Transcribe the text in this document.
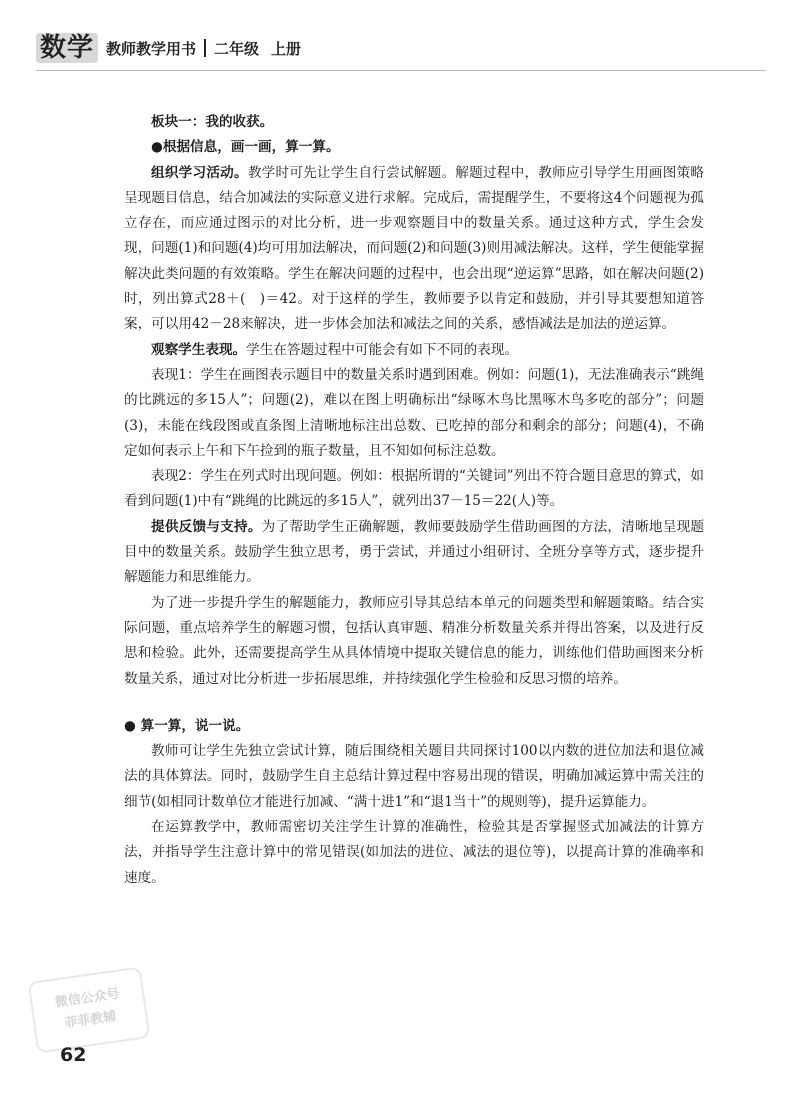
数学 教师教学用书 二年级 上册

板块一：我的收获。

●根据信息，画一画，算一算。

组织学习活动。教学时可先让学生自行尝试解题。解题过程中，教师应引导学生用画图策略呈现题目信息，结合加减法的实际意义进行求解。完成后，需提醒学生，不要将这4个问题视为孤立存在，而应通过图示的对比分析，进一步观察题目中的数量关系。通过这种方式，学生会发现，问题(1)和问题(4)均可用加法解决，而问题(2)和问题(3)则用减法解决。这样，学生便能掌握解决此类问题的有效策略。学生在解决问题的过程中，也会出现“逆运算”思路，如在解决问题(2)时，列出算式28＋(　)＝42。对于这样的学生，教师要予以肯定和鼓励，并引导其要想知道答案，可以用42－28来解决，进一步体会加法和减法之间的关系，感悟减法是加法的逆运算。

观察学生表现。学生在答题过程中可能会有如下不同的表现。

表现1：学生在画图表示题目中的数量关系时遇到困难。例如：问题(1)，无法准确表示“跳绳的比跳远的多15人”；问题(2)，难以在图上明确标出“绿啄木鸟比黑啄木鸟多吃的部分”；问题(3)，未能在线段图或直条图上清晰地标注出总数、已吃掉的部分和剩余的部分；问题(4)，不确定如何表示上午和下午捡到的瓶子数量，且不知如何标注总数。

表现2：学生在列式时出现问题。例如：根据所谓的“关键词”列出不符合题目意思的算式，如看到问题(1)中有“跳绳的比跳远的多15人”，就列出37－15＝22(人)等。

提供反馈与支持。为了帮助学生正确解题，教师要鼓励学生借助画图的方法，清晰地呈现题目中的数量关系。鼓励学生独立思考，勇于尝试，并通过小组研讨、全班分享等方式，逐步提升解题能力和思维能力。

为了进一步提升学生的解题能力，教师应引导其总结本单元的问题类型和解题策略。结合实际问题，重点培养学生的解题习惯，包括认真审题、精准分析数量关系并得出答案，以及进行反思和检验。此外，还需要提高学生从具体情境中提取关键信息的能力，训练他们借助画图来分析数量关系，通过对比分析进一步拓展思维，并持续强化学生检验和反思习惯的培养。

● 算一算，说一说。

教师可让学生先独立尝试计算，随后围绕相关题目共同探讨100以内数的进位加法和退位减法的具体算法。同时，鼓励学生自主总结计算过程中容易出现的错误，明确加减运算中需关注的细节(如相同计数单位才能进行加减、“满十进1”和“退1当十”的规则等)，提升运算能力。

在运算教学中，教师需密切关注学生计算的准确性，检验其是否掌握竖式加减法的计算方法，并指导学生注意计算中的常见错误(如加法的进位、减法的退位等)，以提高计算的准确率和速度。

微信公众号
菲菲教辅
62
